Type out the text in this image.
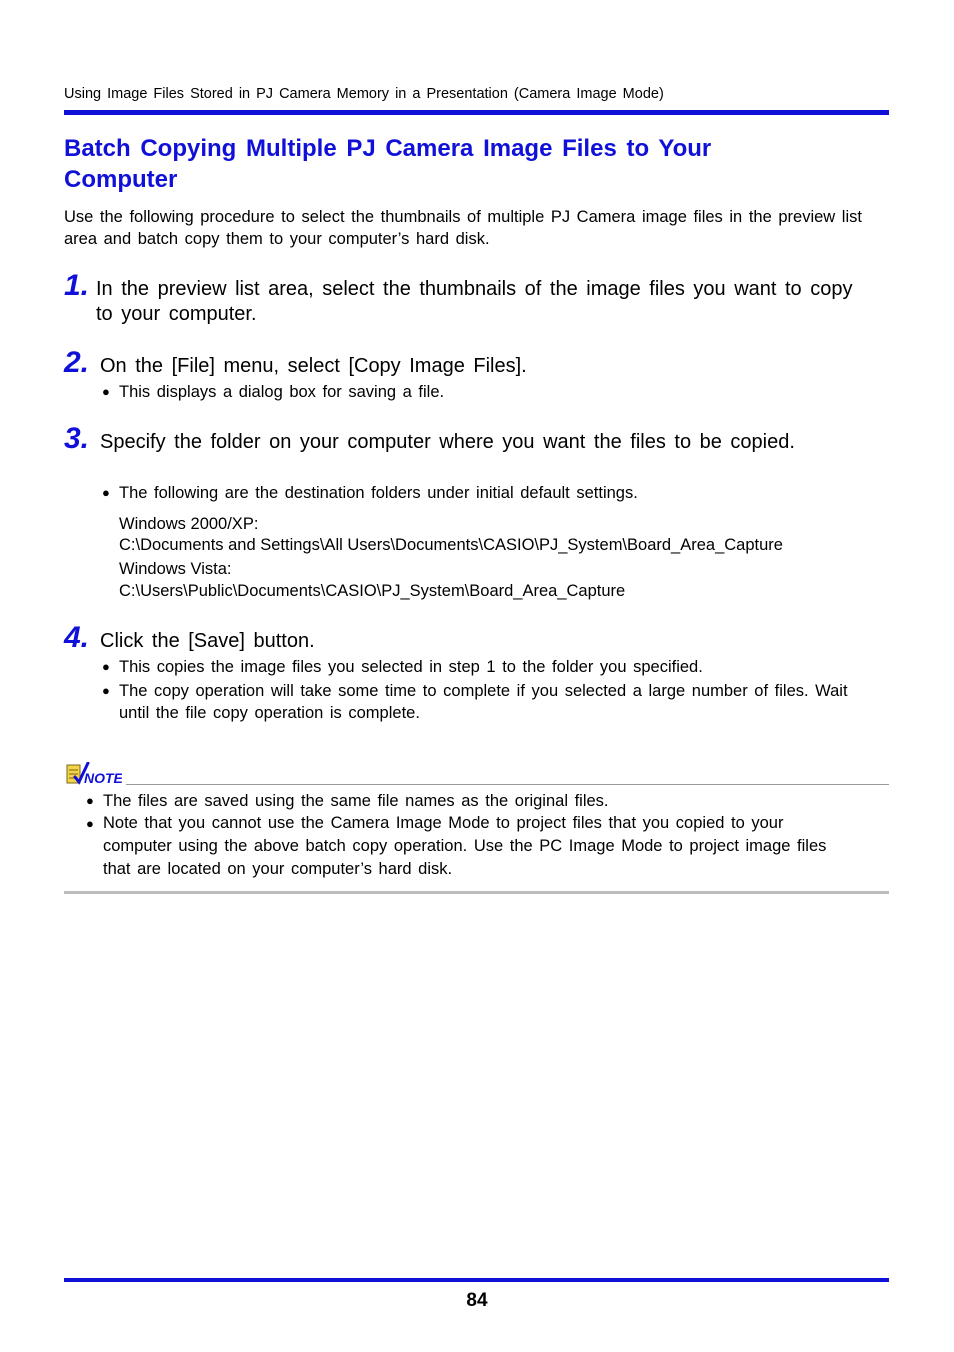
Using Image Files Stored in PJ Camera Memory in a Presentation (Camera Image Mode)
Batch Copying Multiple PJ Camera Image Files to Your Computer
Use the following procedure to select the thumbnails of multiple PJ Camera image files in the preview list area and batch copy them to your computer’s hard disk.
1. In the preview list area, select the thumbnails of the image files you want to copy to your computer.
2. On the [File] menu, select [Copy Image Files].
● This displays a dialog box for saving a file.
3. Specify the folder on your computer where you want the files to be copied.
● The following are the destination folders under initial default settings.
Windows 2000/XP:
C:\Documents and Settings\All Users\Documents\CASIO\PJ_System\Board_Area_Capture
Windows Vista:
C:\Users\Public\Documents\CASIO\PJ_System\Board_Area_Capture
4. Click the [Save] button.
● This copies the image files you selected in step 1 to the folder you specified.
● The copy operation will take some time to complete if you selected a large number of files. Wait until the file copy operation is complete.
NOTE
● The files are saved using the same file names as the original files.
● Note that you cannot use the Camera Image Mode to project files that you copied to your computer using the above batch copy operation. Use the PC Image Mode to project image files that are located on your computer’s hard disk.
84
